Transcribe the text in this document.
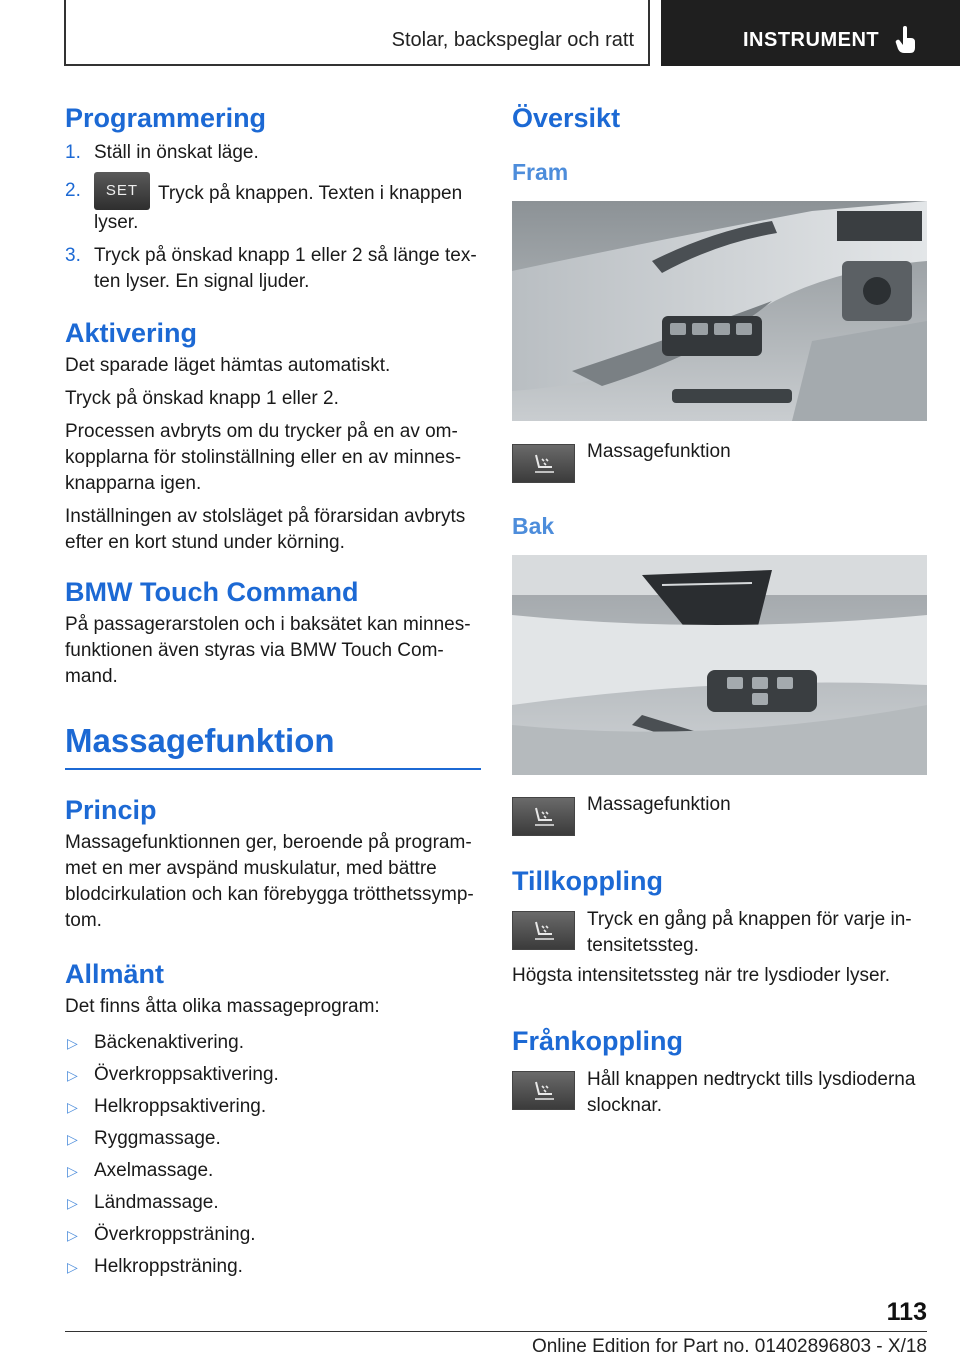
Stolar, backspeglar och ratt	INSTRUMENT
Programmering
1. Ställ in önskat läge.
2. SET Tryck på knappen. Texten i knappen lyser.
3. Tryck på önskad knapp 1 eller 2 så länge texten lyser. En signal ljuder.
Aktivering

Det sparade läget hämtas automatiskt.

Tryck på önskad knapp 1 eller 2.

Processen avbryts om du trycker på en av omkopplarna för stolinställning eller en av minnesknapparna igen.

Inställningen av stolsläget på förarsidan avbryts efter en kort stund under körning.

BMW Touch Command

På passagerarstolen och i baksätet kan minnesfunktionen även styras via BMW Touch Command.

Massagefunktion
Princip

Massagefunktionnen ger, beroende på programmet en mer avspänd muskulatur, med bättre blodcirkulation och kan förebygga trötthetssymptom.

Allmänt

Det finns åtta olika massageprogram:

▷ Bäckenaktivering.
▷ Överkroppsaktivering.
▷ Helkroppsaktivering.
▷ Ryggmassage.
▷ Axelmassage.
▷ Ländmassage.
▷ Överkroppsträning.
▷ Helkroppsträning.
Översikt
Fram

Massagefunktion

Bak

Massagefunktion

Tillkoppling

Tryck en gång på knappen för varje intensitetssteg.

Högsta intensitetssteg när tre lysdioder lyser.

Frånkoppling

Håll knappen nedtryckt tills lysdioderna slocknar.

113
Online Edition for Part no. 01402896803 - X/18
